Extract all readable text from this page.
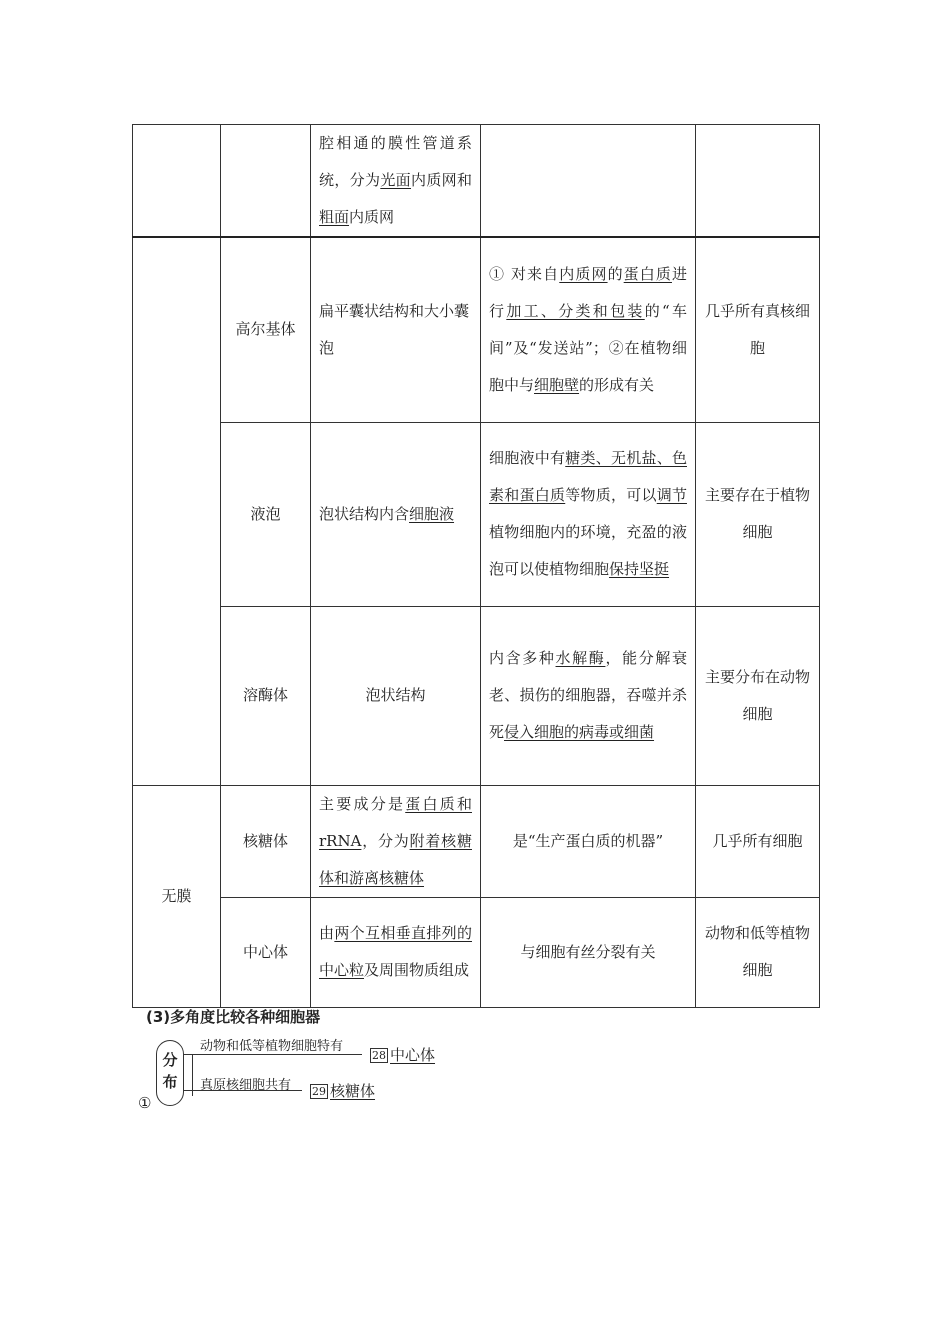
		腔相通的膜性管道系统，分为光面内质网和粗面内质网		
	高尔基体	扁平囊状结构和大小囊泡	① 对来自内质网的蛋白质进行加工、分类和包装的“车间”及“发送站”；②在植物细胞中与细胞壁的形成有关	几乎所有真核细胞
	液泡	泡状结构内含细胞液	细胞液中有糖类、无机盐、色素和蛋白质等物质，可以调节植物细胞内的环境，充盈的液泡可以使植物细胞保持坚挺	主要存在于植物细胞
	溶酶体	泡状结构	内含多种水解酶，能分解衰老、损伤的细胞器，吞噬并杀死侵入细胞的病毒或细菌	主要分布在动物细胞
无膜	核糖体	主要成分是蛋白质和rRNA，分为附着核糖体和游离核糖体	是“生产蛋白质的机器”	几乎所有细胞
	中心体	由两个互相垂直排列的中心粒及周围物质组成	与细胞有丝分裂有关	动物和低等植物细胞
(3)多角度比较各种细胞器
①
分
布
动物和低等植物细胞特有
28 中心体
真原核细胞共有 29 核糖体
